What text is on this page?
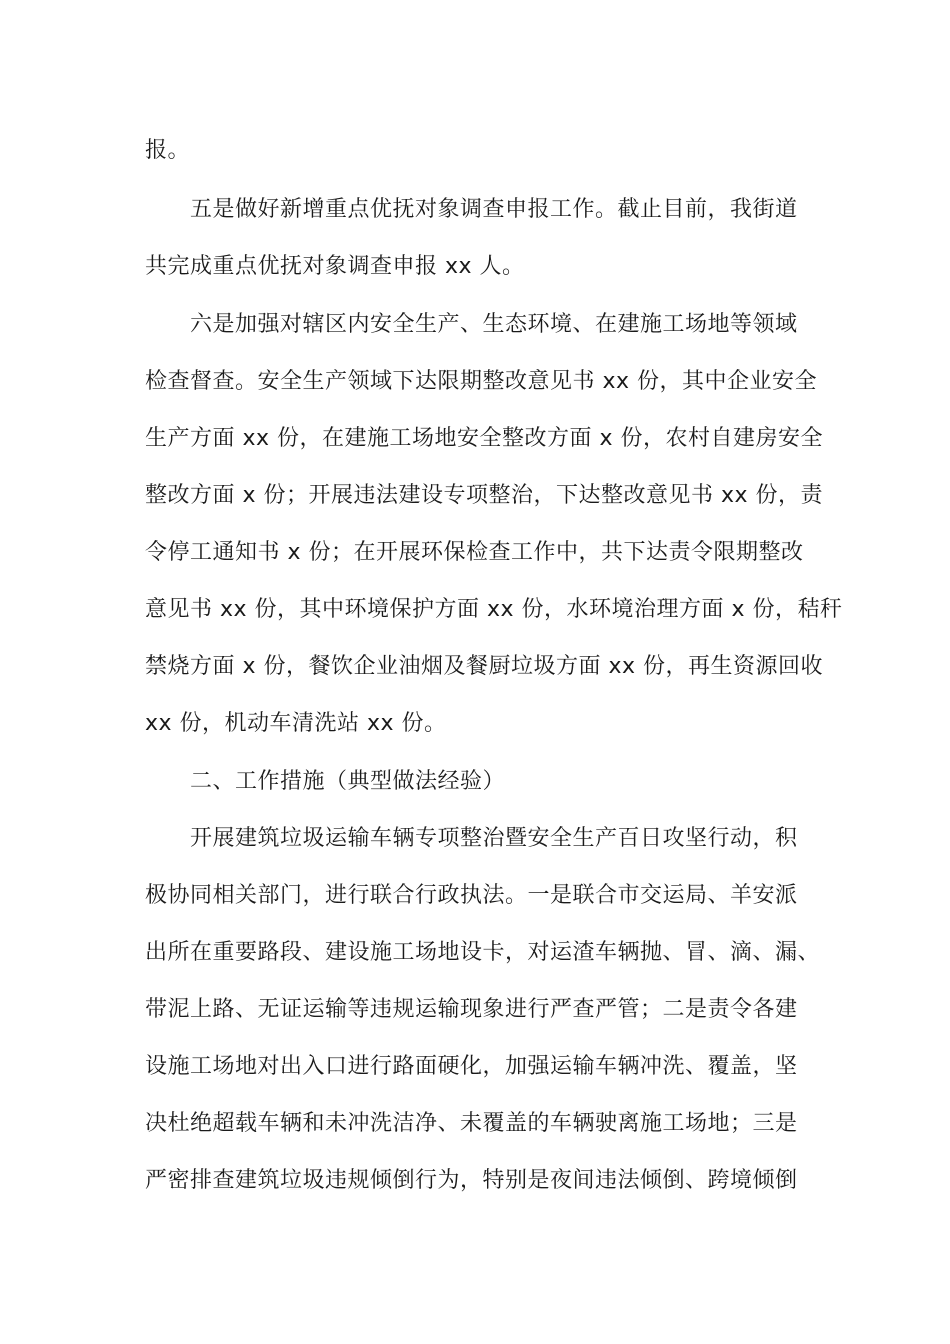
报。
五是做好新增重点优抚对象调查申报工作。截止目前，我街道
共完成重点优抚对象调查申报 xx 人。
六是加强对辖区内安全生产、生态环境、在建施工场地等领域
检查督查。安全生产领域下达限期整改意见书 xx 份，其中企业安全
生产方面 xx 份，在建施工场地安全整改方面 x 份，农村自建房安全
整改方面 x 份；开展违法建设专项整治，下达整改意见书 xx 份，责
令停工通知书 x 份；在开展环保检查工作中，共下达责令限期整改
意见书 xx 份，其中环境保护方面 xx 份，水环境治理方面 x 份，秸秆
禁烧方面 x 份，餐饮企业油烟及餐厨垃圾方面 xx 份，再生资源回收
xx 份，机动车清洗站 xx 份。
二、工作措施（典型做法经验）
开展建筑垃圾运输车辆专项整治暨安全生产百日攻坚行动，积
极协同相关部门，进行联合行政执法。一是联合市交运局、羊安派
出所在重要路段、建设施工场地设卡，对运渣车辆抛、冒、滴、漏、
带泥上路、无证运输等违规运输现象进行严查严管；二是责令各建
设施工场地对出入口进行路面硬化，加强运输车辆冲洗、覆盖，坚
决杜绝超载车辆和未冲洗洁净、未覆盖的车辆驶离施工场地；三是
严密排查建筑垃圾违规倾倒行为，特别是夜间违法倾倒、跨境倾倒
